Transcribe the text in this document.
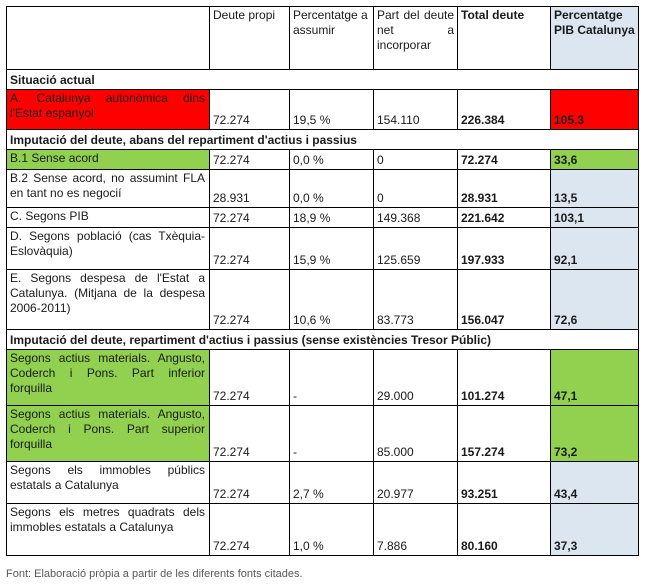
	Deute propi	Percentatge a assumir	Part del deute net a incorporar	Total deute	Percentatge PIB Catalunya
Situació actual					
A. Catalunya autonòmica dins l'Estat espanyol	72.274	19,5 %	154.110	226.384	105,3
Imputació del deute, abans del repartiment d'actius i passius					
B.1 Sense acord	72.274	0,0 %	0	72.274	33,6
B.2 Sense acord, no assumint FLA en tant no es negocií	28.931	0,0 %	0	28.931	13,5
C. Segons PIB	72.274	18,9 %	149.368	221.642	103,1
D. Segons població (cas Txèquia-Eslovàquia)	72.274	15,9 %	125.659	197.933	92,1
E. Segons despesa de l'Estat a Catalunya. (Mitjana de la despesa 2006-2011)	72.274	10,6 %	83.773	156.047	72,6
Imputació del deute, repartiment d'actius i passius (sense existències Tresor Públic)					
Segons actius materials. Angusto, Coderch i Pons. Part inferior forquilla	72.274	-	29.000	101.274	47,1
Segons actius materials. Angusto, Coderch i Pons. Part superior forquilla	72.274	-	85.000	157.274	73,2
Segons els immobles públics estatals a Catalunya	72.274	2,7 %	20.977	93.251	43,4
Segons els metres quadrats dels immobles estatals a Catalunya	72.274	1,0 %	7.886	80.160	37,3
Font: Elaboració pròpia a partir de les diferents fonts citades.
